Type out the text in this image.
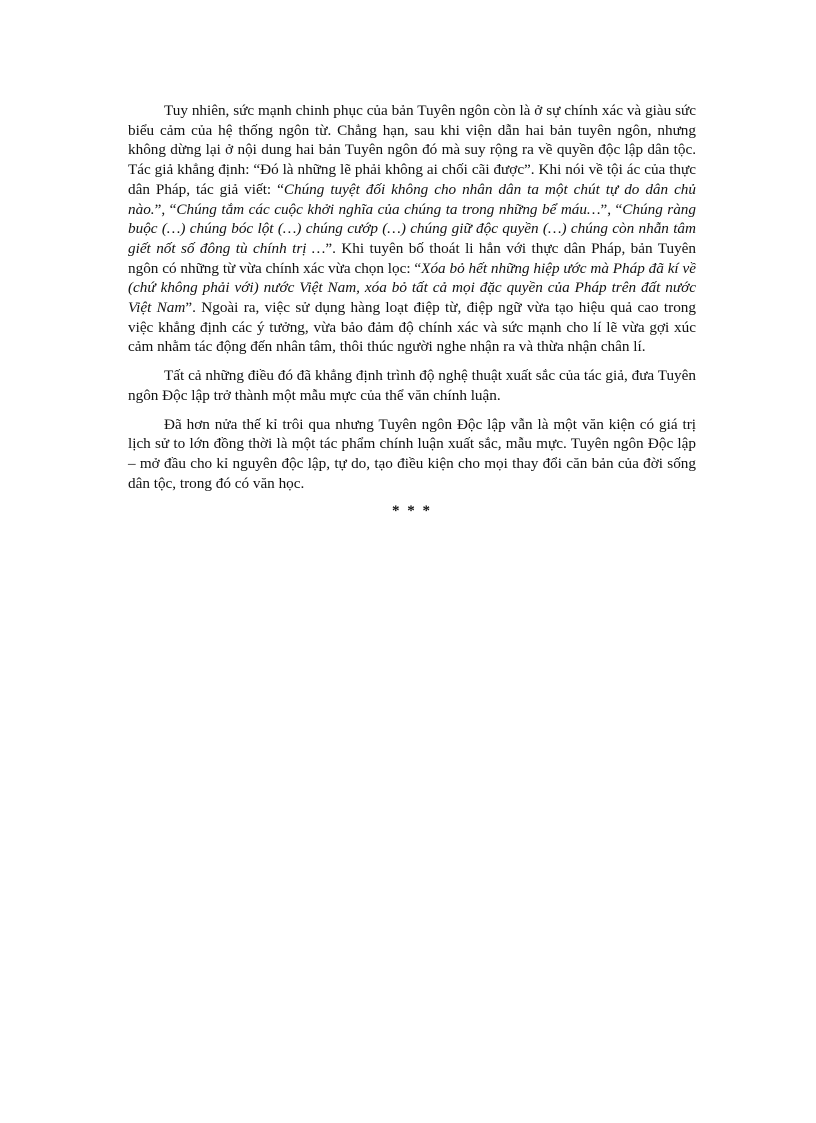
Tuy nhiên, sức mạnh chinh phục của bản Tuyên ngôn còn là ở sự chính xác và giàu sức biểu cảm của hệ thống ngôn từ. Chẳng hạn, sau khi viện dẫn hai bản tuyên ngôn, nhưng không dừng lại ở nội dung hai bản Tuyên ngôn đó mà suy rộng ra về quyền độc lập dân tộc. Tác giả khẳng định: “Đó là những lẽ phải không ai chối cãi được”. Khi nói về tội ác của thực dân Pháp, tác giả viết: “Chúng tuyệt đối không cho nhân dân ta một chút tự do dân chủ nào.”, “Chúng tắm các cuộc khởi nghĩa của chúng ta trong những bể máu…”, “Chúng ràng buộc (…) chúng bóc lột (…) chúng cướp (…) chúng giữ độc quyền (…) chúng còn nhẫn tâm giết nốt số đông tù chính trị …”. Khi tuyên bố thoát li hẳn với thực dân Pháp, bản Tuyên ngôn có những từ vừa chính xác vừa chọn lọc: “Xóa bỏ hết những hiệp ước mà Pháp đã kí về (chứ không phải với) nước Việt Nam, xóa bỏ tất cả mọi đặc quyền của Pháp trên đất nước Việt Nam”. Ngoài ra, việc sử dụng hàng loạt điệp từ, điệp ngữ vừa tạo hiệu quả cao trong việc khẳng định các ý tưởng, vừa bảo đảm độ chính xác và sức mạnh cho lí lẽ vừa gợi xúc cảm nhằm tác động đến nhân tâm, thôi thúc người nghe nhận ra và thừa nhận chân lí.

Tất cả những điều đó đã khẳng định trình độ nghệ thuật xuất sắc của tác giả, đưa Tuyên ngôn Độc lập trở thành một mẫu mực của thể văn chính luận.

Đã hơn nửa thế kỉ trôi qua nhưng Tuyên ngôn Độc lập vẫn là một văn kiện có giá trị lịch sử to lớn đồng thời là một tác phẩm chính luận xuất sắc, mẫu mực. Tuyên ngôn Độc lập – mở đầu cho kỉ nguyên độc lập, tự do, tạo điều kiện cho mọi thay đổi căn bản của đời sống dân tộc, trong đó có văn học.

* * *
